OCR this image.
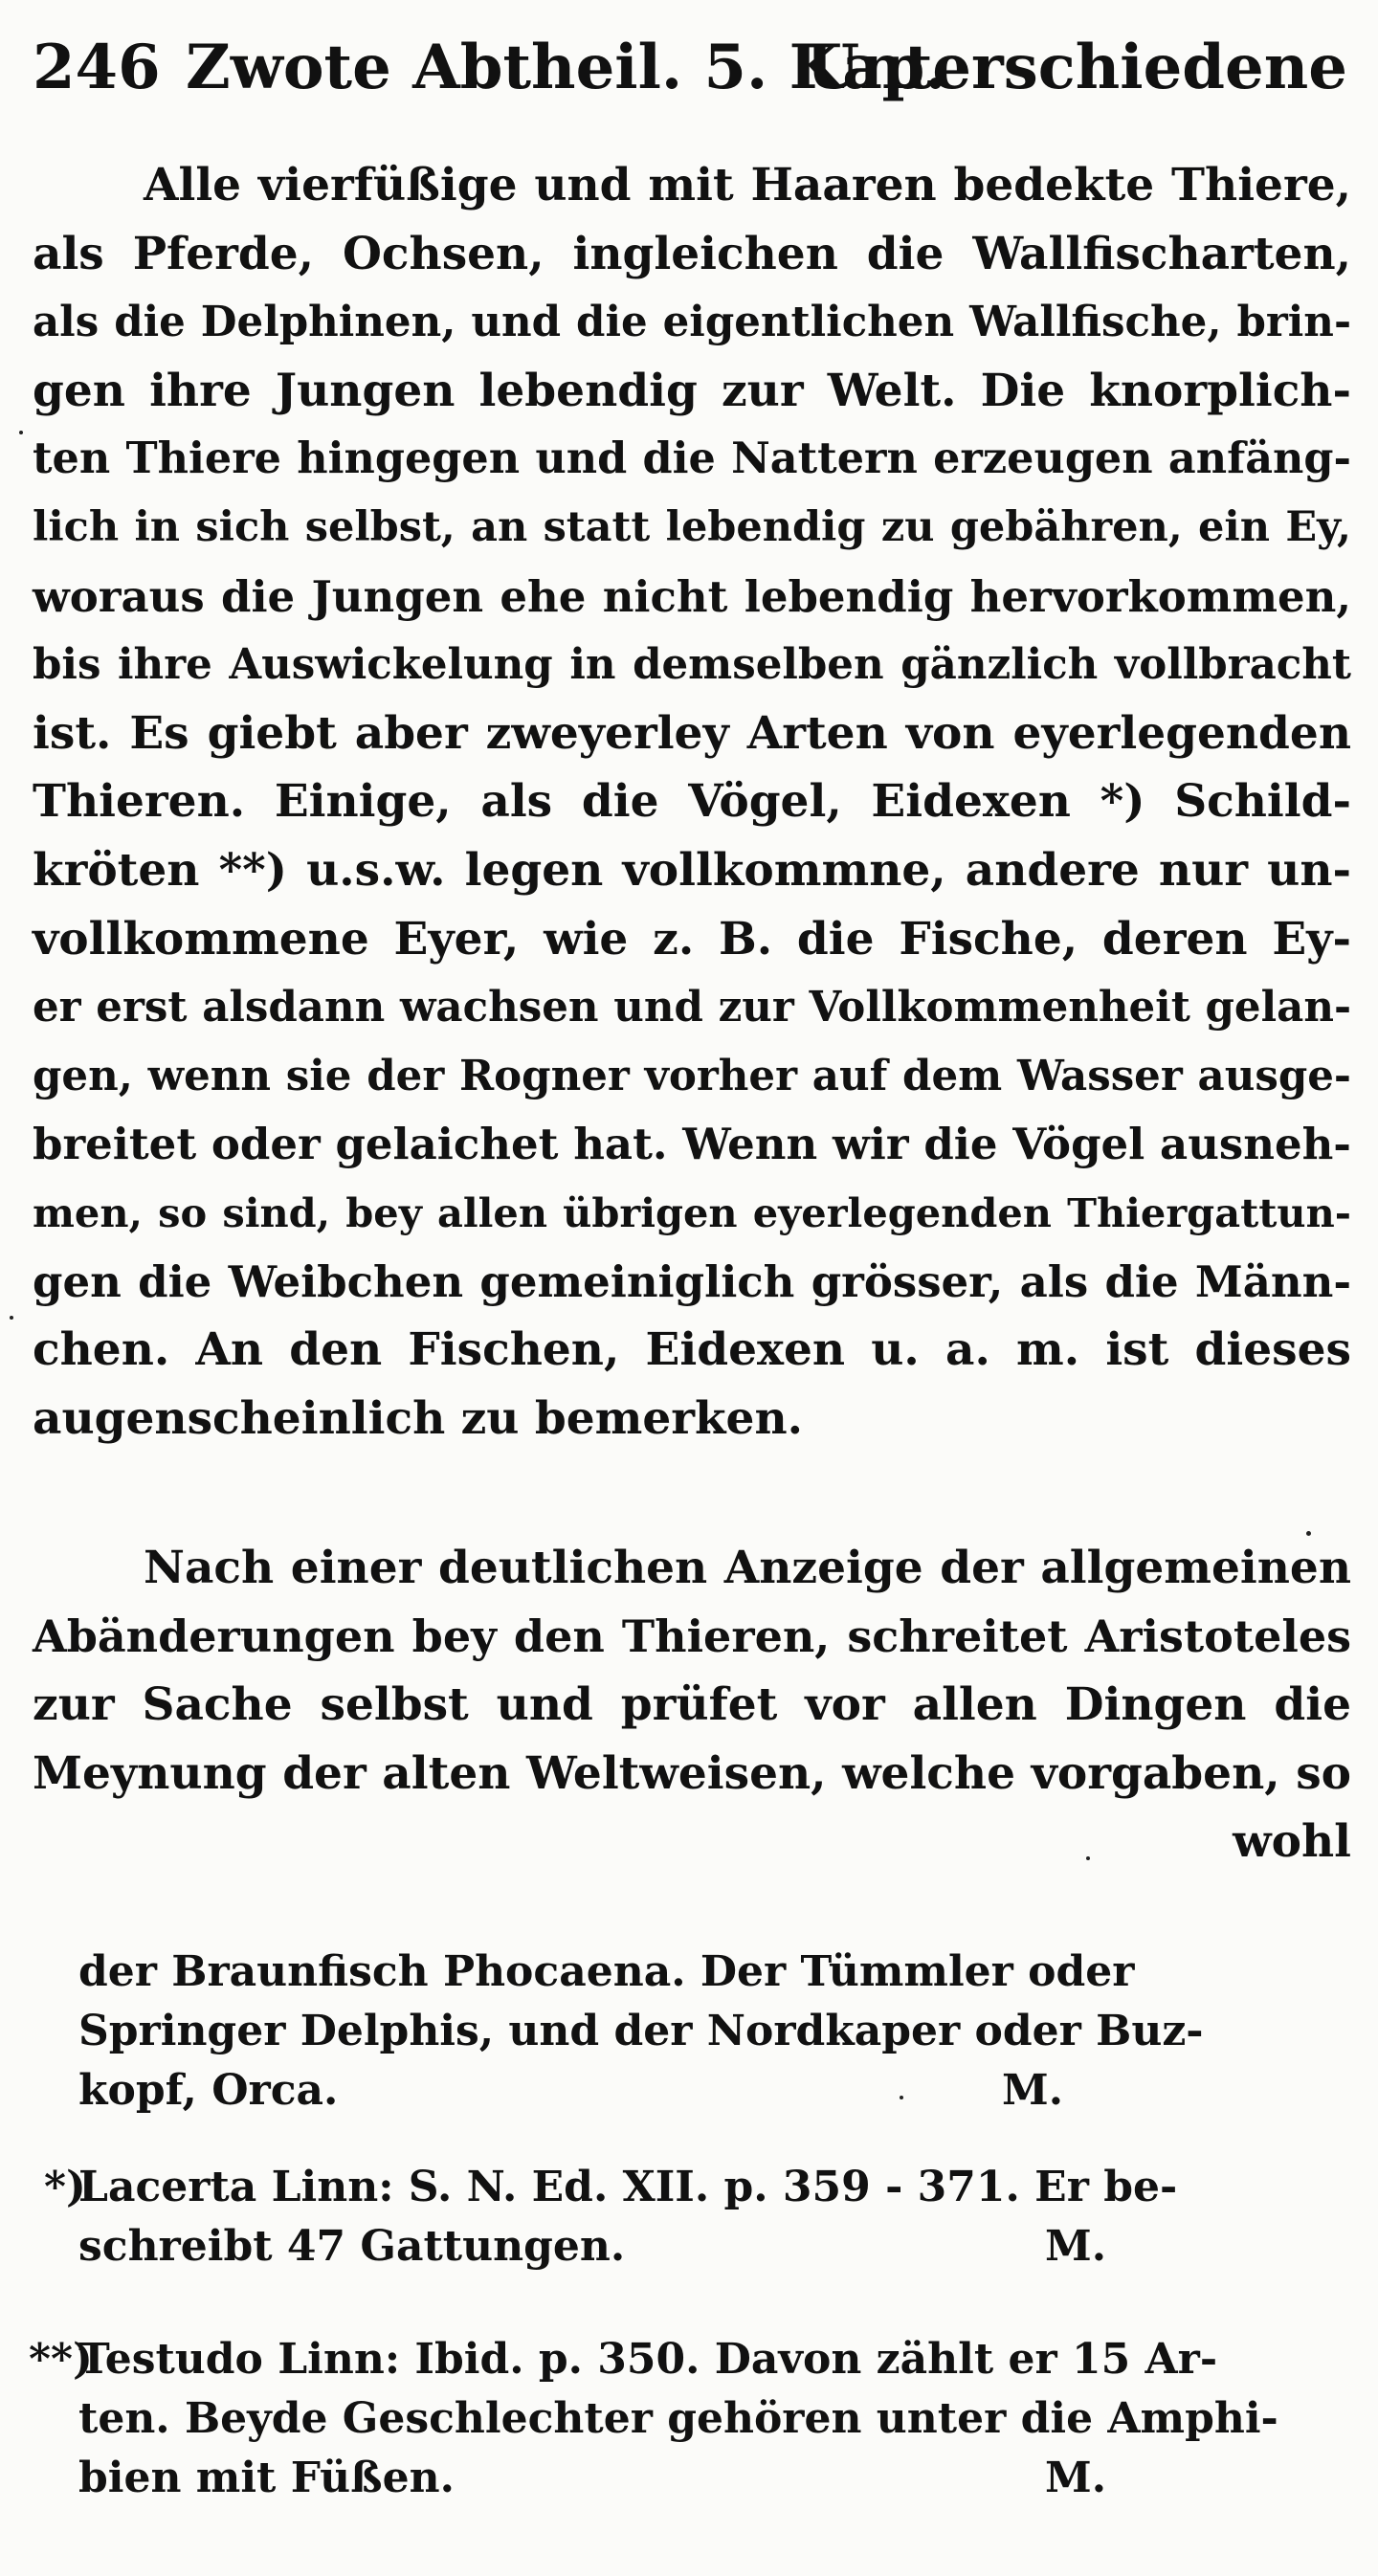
246 Zwote Abtheil. 5. Kap.
Unterschiedene
Alle vierfüßige und mit Haaren bedekte Thiere,
als Pferde, Ochsen, ingleichen die Wallfischarten,
als die Delphinen, und die eigentlichen Wallfische, brin-
gen ihre Jungen lebendig zur Welt. Die knorplich-
ten Thiere hingegen und die Nattern erzeugen anfäng-
lich in sich selbst, an statt lebendig zu gebähren, ein Ey,
woraus die Jungen ehe nicht lebendig hervorkommen,
bis ihre Auswickelung in demselben gänzlich vollbracht
ist. Es giebt aber zweyerley Arten von eyerlegenden
Thieren. Einige, als die Vögel, Eidexen *) Schild-
kröten **) u.s.w. legen vollkommne, andere nur un-
vollkommene Eyer, wie z. B. die Fische, deren Ey-
er erst alsdann wachsen und zur Vollkommenheit gelan-
gen, wenn sie der Rogner vorher auf dem Wasser ausge-
breitet oder gelaichet hat. Wenn wir die Vögel ausneh-
men, so sind, bey allen übrigen eyerlegenden Thiergattun-
gen die Weibchen gemeiniglich grösser, als die Männ-
chen. An den Fischen, Eidexen u. a. m. ist dieses
augenscheinlich zu bemerken.
Nach einer deutlichen Anzeige der allgemeinen
Abänderungen bey den Thieren, schreitet Aristoteles
zur Sache selbst und prüfet vor allen Dingen die
Meynung der alten Weltweisen, welche vorgaben, so
wohl
der Braunfisch Phocaena. Der Tümmler oder
Springer Delphis, und der Nordkaper oder Buz-
kopf, Orca.	M.
*)
Lacerta Linn: S. N. Ed. XII. p. 359 - 371. Er be-
schreibt 47 Gattungen.	M.
**)
Testudo Linn: Ibid. p. 350. Davon zählt er 15 Ar-
ten. Beyde Geschlechter gehören unter die Amphi-
bien mit Füßen.	M.
